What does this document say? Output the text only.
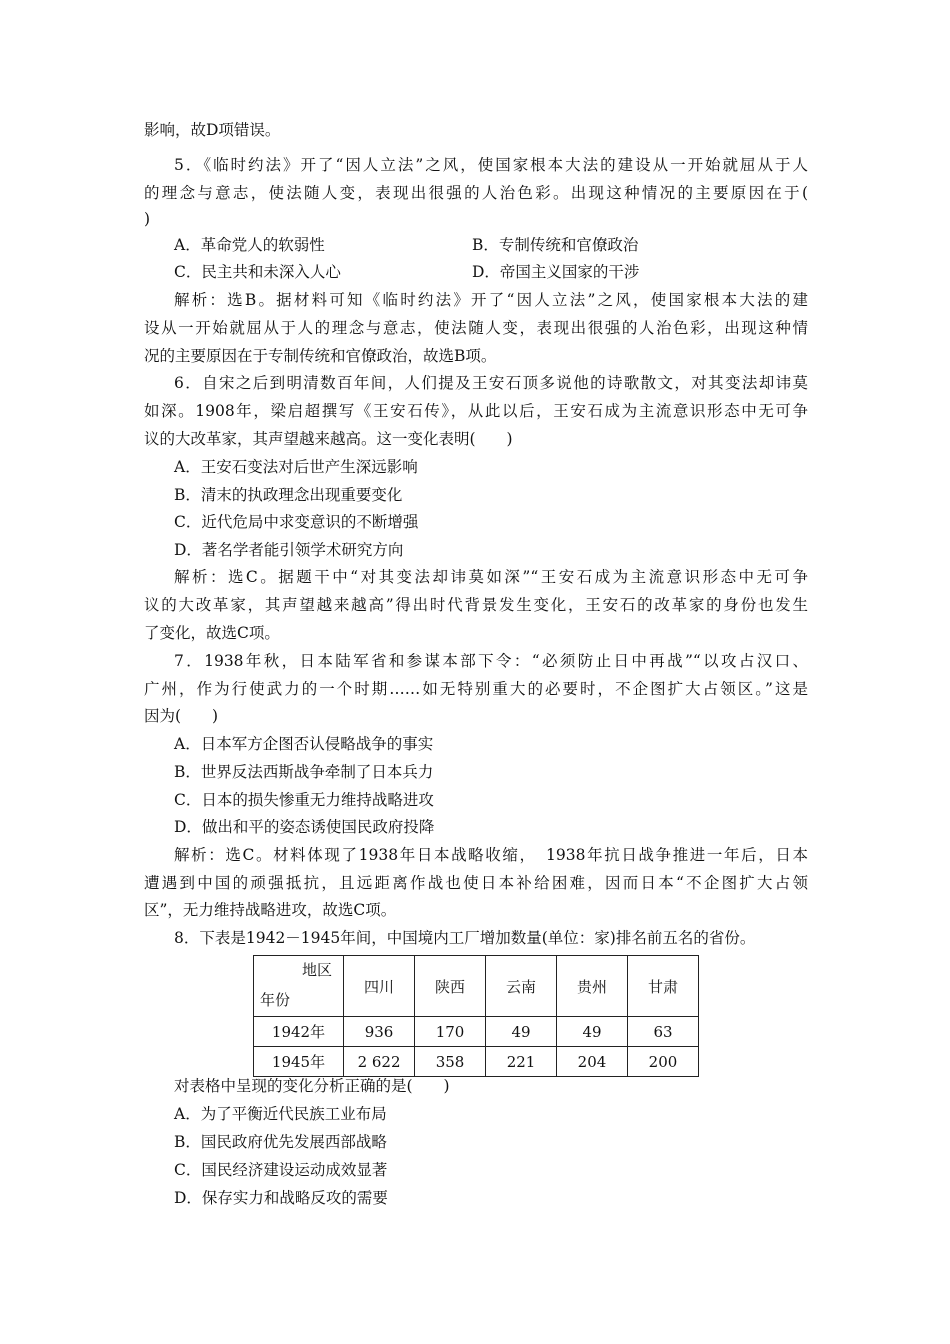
影响，故D项错误。
5．《临时约法》开了“因人立法”之风，使国家根本大法的建设从一开始就屈从于人
的理念与意志，使法随人变，表现出很强的人治色彩。出现这种情况的主要原因在于(
)
A．革命党人的软弱性	B．专制传统和官僚政治
C．民主共和未深入人心	D．帝国主义国家的干涉
解析：选B。据材料可知《临时约法》开了“因人立法”之风，使国家根本大法的建
设从一开始就屈从于人的理念与意志，使法随人变，表现出很强的人治色彩，出现这种情
况的主要原因在于专制传统和官僚政治，故选B项。
6．自宋之后到明清数百年间，人们提及王安石顶多说他的诗歌散文，对其变法却讳莫
如深。1908年，梁启超撰写《王安石传》，从此以后，王安石成为主流意识形态中无可争
议的大改革家，其声望越来越高。这一变化表明(　　)
A．王安石变法对后世产生深远影响
B．清末的执政理念出现重要变化
C．近代危局中求变意识的不断增强
D．著名学者能引领学术研究方向
解析：选C。据题干中“对其变法却讳莫如深”“王安石成为主流意识形态中无可争
议的大改革家，其声望越来越高”得出时代背景发生变化，王安石的改革家的身份也发生
了变化，故选C项。
7．1938年秋，日本陆军省和参谋本部下令：“必须防止日中再战”“以攻占汉口、
广州，作为行使武力的一个时期……如无特别重大的必要时，不企图扩大占领区。”这是
因为(　　)
A．日本军方企图否认侵略战争的事实
B．世界反法西斯战争牵制了日本兵力
C．日本的损失惨重无力维持战略进攻
D．做出和平的姿态诱使国民政府投降
解析：选C。材料体现了1938年日本战略收缩，　1938年抗日战争推进一年后，日本
遭遇到中国的顽强抵抗，且远距离作战也使日本补给困难，因而日本“不企图扩大占领
区”，无力维持战略进攻，故选C项。
8．下表是1942－1945年间，中国境内工厂增加数量(单位：家)排名前五名的省份。
地区
年份	四川	陕西	云南	贵州	甘肃
1942年	936	170	49	49	63
1945年	2 622	358	221	204	200
对表格中呈现的变化分析正确的是(　　)
A．为了平衡近代民族工业布局
B．国民政府优先发展西部战略
C．国民经济建设运动成效显著
D．保存实力和战略反攻的需要
